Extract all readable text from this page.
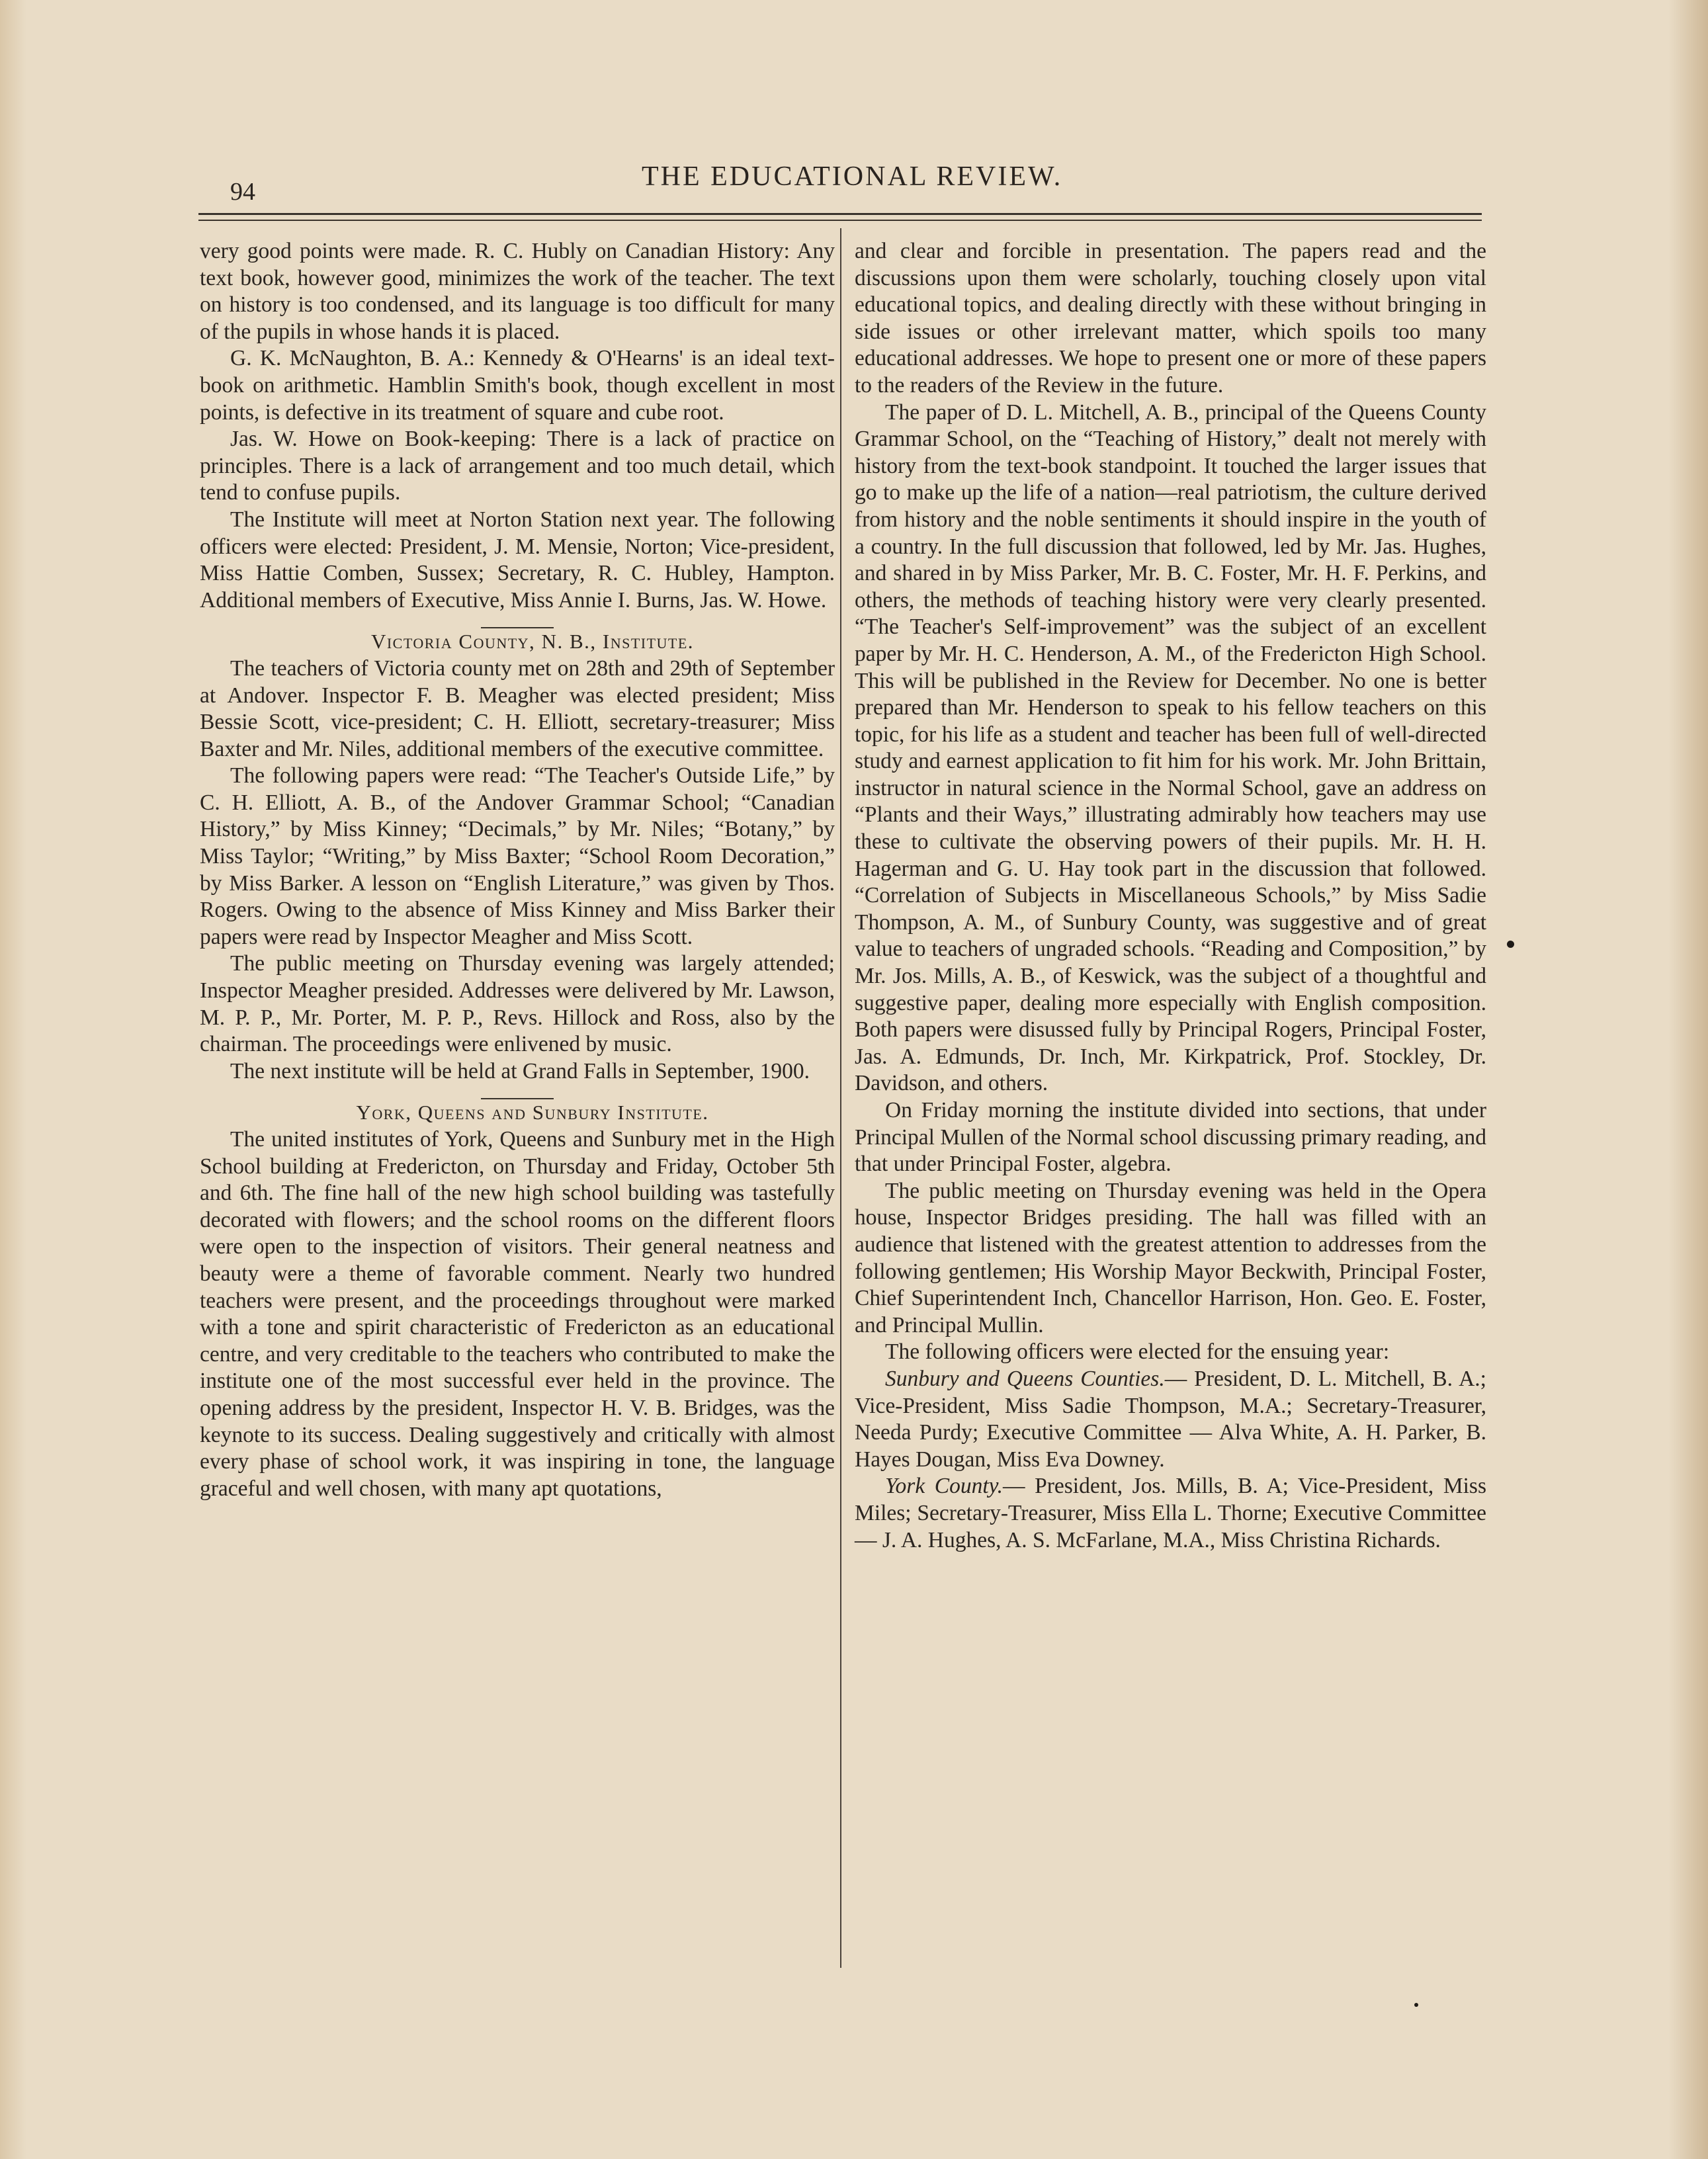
94	THE EDUCATIONAL REVIEW.

very good points were made. R. C. Hubly on Canadian History: Any text book, however good, minimizes the work of the teacher. The text on history is too condensed, and its language is too difficult for many of the pupils in whose hands it is placed.

G. K. McNaughton, B. A.: Kennedy & O'Hearns' is an ideal text-book on arithmetic. Hamblin Smith's book, though excellent in most points, is defective in its treatment of square and cube root.

Jas. W. Howe on Book-keeping: There is a lack of practice on principles. There is a lack of arrangement and too much detail, which tend to confuse pupils.

The Institute will meet at Norton Station next year. The following officers were elected: President, J. M. Mensie, Norton; Vice-president, Miss Hattie Comben, Sussex; Secretary, R. C. Hubley, Hampton. Additional members of Executive, Miss Annie I. Burns, Jas. W. Howe.

Victoria County, N. B., Institute.

The teachers of Victoria county met on 28th and 29th of September at Andover. Inspector F. B. Meagher was elected president; Miss Bessie Scott, vice-president; C. H. Elliott, secretary-treasurer; Miss Baxter and Mr. Niles, additional members of the executive committee.

The following papers were read: “The Teacher's Outside Life,” by C. H. Elliott, A. B., of the Andover Grammar School; “Canadian History,” by Miss Kinney; “Decimals,” by Mr. Niles; “Botany,” by Miss Taylor; “Writing,” by Miss Baxter; “School Room Decoration,” by Miss Barker. A lesson on “English Literature,” was given by Thos. Rogers. Owing to the absence of Miss Kinney and Miss Barker their papers were read by Inspector Meagher and Miss Scott.

The public meeting on Thursday evening was largely attended; Inspector Meagher presided. Addresses were delivered by Mr. Lawson, M. P. P., Mr. Porter, M. P. P., Revs. Hillock and Ross, also by the chairman. The proceedings were enlivened by music.

The next institute will be held at Grand Falls in September, 1900.

York, Queens and Sunbury Institute.

The united institutes of York, Queens and Sunbury met in the High School building at Fredericton, on Thursday and Friday, October 5th and 6th. The fine hall of the new high school building was tastefully decorated with flowers; and the school rooms on the different floors were open to the inspection of visitors. Their general neatness and beauty were a theme of favorable comment. Nearly two hundred teachers were present, and the proceedings throughout were marked with a tone and spirit characteristic of Fredericton as an educational centre, and very creditable to the teachers who contributed to make the institute one of the most successful ever held in the province. The opening address by the president, Inspector H. V. B. Bridges, was the keynote to its success. Dealing suggestively and critically with almost every phase of school work, it was inspiring in tone, the language graceful and well chosen, with many apt quotations,

and clear and forcible in presentation. The papers read and the discussions upon them were scholarly, touching closely upon vital educational topics, and dealing directly with these without bringing in side issues or other irrelevant matter, which spoils too many educational addresses. We hope to present one or more of these papers to the readers of the Review in the future.

The paper of D. L. Mitchell, A. B., principal of the Queens County Grammar School, on the “Teaching of History,” dealt not merely with history from the text-book standpoint. It touched the larger issues that go to make up the life of a nation—real patriotism, the culture derived from history and the noble sentiments it should inspire in the youth of a country. In the full discussion that followed, led by Mr. Jas. Hughes, and shared in by Miss Parker, Mr. B. C. Foster, Mr. H. F. Perkins, and others, the methods of teaching history were very clearly presented. “The Teacher's Self-improvement” was the subject of an excellent paper by Mr. H. C. Henderson, A. M., of the Fredericton High School. This will be published in the Review for December. No one is better prepared than Mr. Henderson to speak to his fellow teachers on this topic, for his life as a student and teacher has been full of well-directed study and earnest application to fit him for his work. Mr. John Brittain, instructor in natural science in the Normal School, gave an address on “Plants and their Ways,” illustrating admirably how teachers may use these to cultivate the observing powers of their pupils. Mr. H. H. Hagerman and G. U. Hay took part in the discussion that followed. “Correlation of Subjects in Miscellaneous Schools,” by Miss Sadie Thompson, A. M., of Sunbury County, was suggestive and of great value to teachers of ungraded schools. “Reading and Composition,” by Mr. Jos. Mills, A. B., of Keswick, was the subject of a thoughtful and suggestive paper, dealing more especially with English composition. Both papers were disussed fully by Principal Rogers, Principal Foster, Jas. A. Edmunds, Dr. Inch, Mr. Kirkpatrick, Prof. Stockley, Dr. Davidson, and others.

On Friday morning the institute divided into sections, that under Principal Mullen of the Normal school discussing primary reading, and that under Principal Foster, algebra.

The public meeting on Thursday evening was held in the Opera house, Inspector Bridges presiding. The hall was filled with an audience that listened with the greatest attention to addresses from the following gentlemen; His Worship Mayor Beckwith, Principal Foster, Chief Superintendent Inch, Chancellor Harrison, Hon. Geo. E. Foster, and Principal Mullin.

The following officers were elected for the ensuing year:

Sunbury and Queens Counties.— President, D. L. Mitchell, B. A.; Vice-President, Miss Sadie Thompson, M.A.; Secretary-Treasurer, Needa Purdy; Executive Committee — Alva White, A. H. Parker, B. Hayes Dougan, Miss Eva Downey.

York County.— President, Jos. Mills, B. A; Vice-President, Miss Miles; Secretary-Treasurer, Miss Ella L. Thorne; Executive Committee — J. A. Hughes, A. S. McFarlane, M.A., Miss Christina Richards.
